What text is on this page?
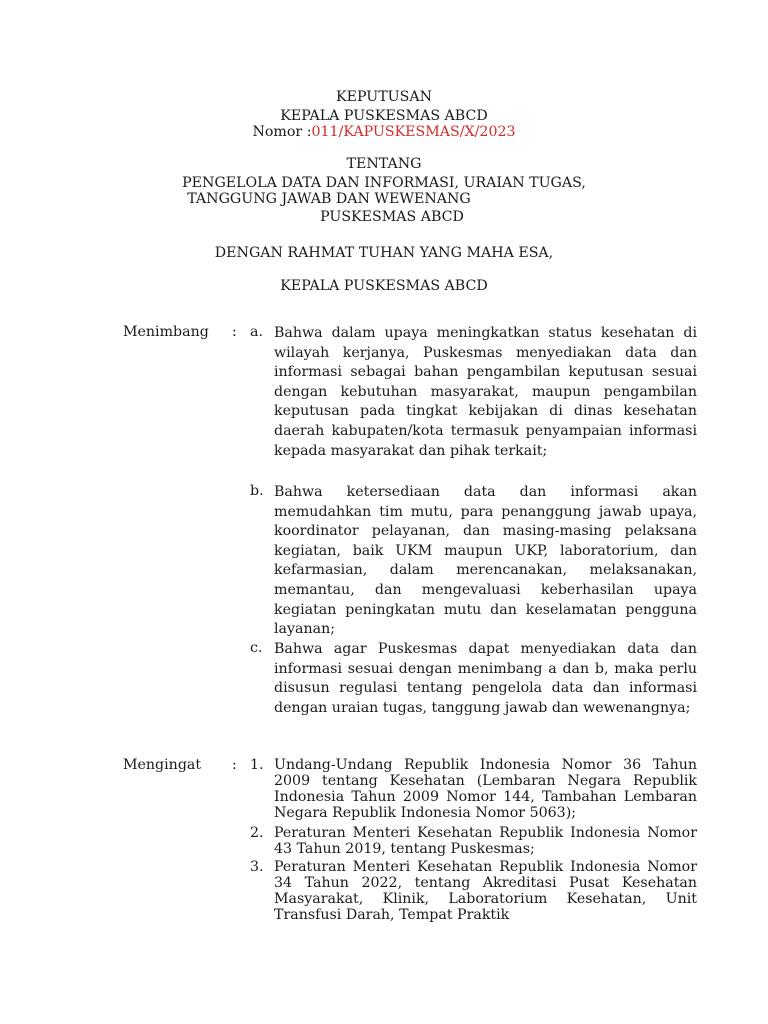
KEPUTUSAN
KEPALA PUSKESMAS ABCD
Nomor :011/KAPUSKESMAS/X/2023
TENTANG
PENGELOLA DATA DAN INFORMASI, URAIAN TUGAS,
TANGGUNG JAWAB DAN WEWENANG
PUSKESMAS ABCD
DENGAN RAHMAT TUHAN YANG MAHA ESA,
KEPALA PUSKESMAS ABCD
Menimbang : a. Bahwa dalam upaya meningkatkan status kesehatan di wilayah kerjanya, Puskesmas menyediakan data dan informasi sebagai bahan pengambilan keputusan sesuai dengan kebutuhan masyarakat, maupun pengambilan keputusan pada tingkat kebijakan di dinas kesehatan daerah kabupaten/kota termasuk penyampaian informasi kepada masyarakat dan pihak terkait;
b. Bahwa ketersediaan data dan informasi akan memudahkan tim mutu, para penanggung jawab upaya, koordinator pelayanan, dan masing-masing pelaksana kegiatan, baik UKM maupun UKP, laboratorium, dan kefarmasian, dalam merencanakan, melaksanakan, memantau, dan mengevaluasi keberhasilan upaya kegiatan peningkatan mutu dan keselamatan pengguna layanan;
c. Bahwa agar Puskesmas dapat menyediakan data dan informasi sesuai dengan menimbang a dan b, maka perlu disusun regulasi tentang pengelola data dan informasi dengan uraian tugas, tanggung jawab dan wewenangnya;
Mengingat : 1. Undang-Undang Republik Indonesia Nomor 36 Tahun 2009 tentang Kesehatan (Lembaran Negara Republik Indonesia Tahun 2009 Nomor 144, Tambahan Lembaran Negara Republik Indonesia Nomor 5063);
2. Peraturan Menteri Kesehatan Republik Indonesia Nomor 43 Tahun 2019, tentang Puskesmas;
3. Peraturan Menteri Kesehatan Republik Indonesia Nomor 34 Tahun 2022, tentang Akreditasi Pusat Kesehatan Masyarakat, Klinik, Laboratorium Kesehatan, Unit Transfusi Darah, Tempat Praktik
